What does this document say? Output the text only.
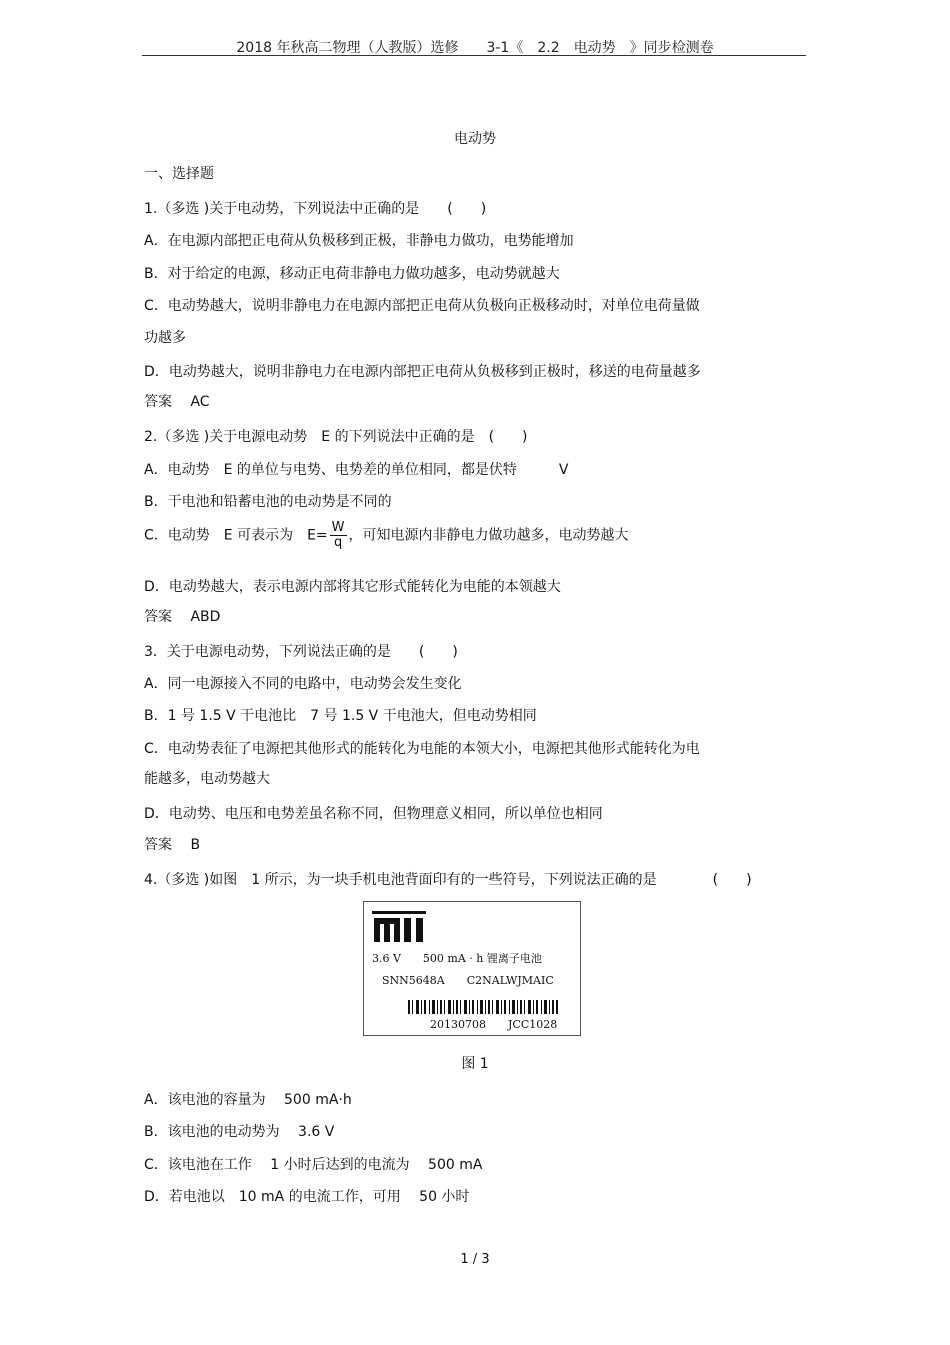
2018 年秋高二物理（人教版）选修　　3-1《　2.2　电动势　》同步检测卷
电动势
一、选择题
1.（多选 )关于电动势，下列说法中正确的是　　(　　)
A．在电源内部把正电荷从负极移到正极，非静电力做功，电势能增加
B．对于给定的电源，移动正电荷非静电力做功越多，电动势就越大
C．电动势越大，说明非静电力在电源内部把正电荷从负极向正极移动时，对单位电荷量做
功越多
D．电动势越大，说明非静电力在电源内部把正电荷从负极移到正极时，移送的电荷量越多
答案　 AC
2.（多选 )关于电源电动势　E 的下列说法中正确的是　(　　)
A．电动势　E 的单位与电势、电势差的单位相同，都是伏特　　　V
B．干电池和铅蓄电池的电动势是不同的
C．电动势　E 可表示为　$E= \frac{W}{q}$ ，可知电源内非静电力做功越多，电动势越大
D．电动势越大，表示电源内部将其它形式能转化为电能的本领越大
答案　 ABD
3．关于电源电动势，下列说法正确的是　　(　　)
A．同一电源接入不同的电路中，电动势会发生变化
B．1 号 1.5 V 干电池比　7 号 1.5 V 干电池大，但电动势相同
C．电动势表征了电源把其他形式的能转化为电能的本领大小，电源把其他形式能转化为电
能越多，电动势越大
D．电动势、电压和电势差虽名称不同，但物理意义相同，所以单位也相同
答案　 B
4.（多选 )如图　1 所示，为一块手机电池背面印有的一些符号，下列说法正确的是　　　　(　　)
3.6 V　　500 mA · h 锂离子电池
SNN5648A　　C2NALWJMAIC
20130708　　JCC1028
图 1
A．该电池的容量为　 500 mA·h
B．该电池的电动势为　 3.6 V
C．该电池在工作　 1 小时后达到的电流为　 500 mA
D．若电池以　10 mA 的电流工作，可用　 50 小时
1 / 3
